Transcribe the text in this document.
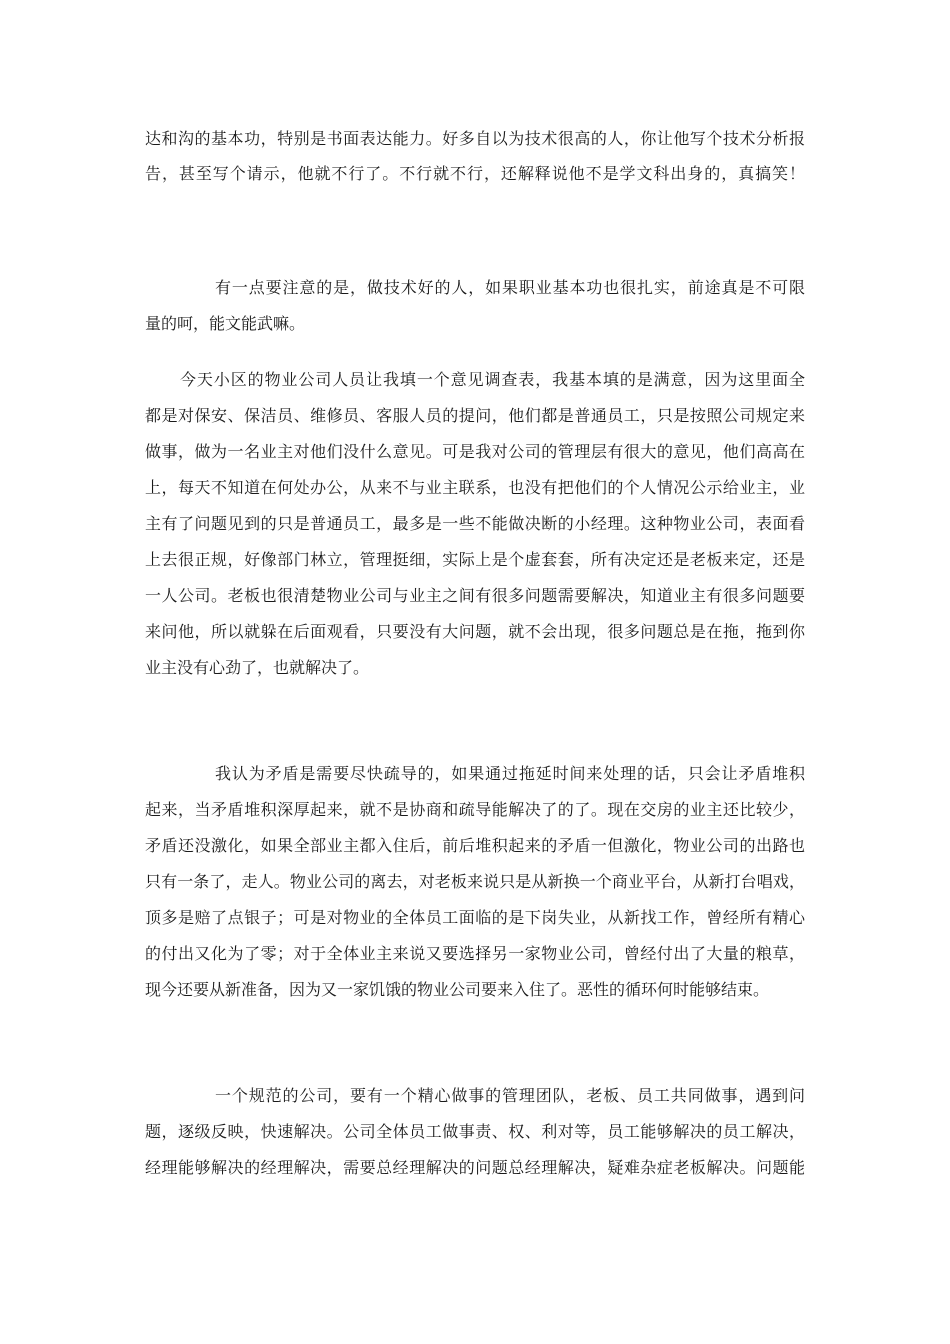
达和沟的基本功，特别是书面表达能力。好多自以为技术很高的人，你让他写个技术分析报
告，甚至写个请示，他就不行了。不行就不行，还解释说他不是学文科出身的，真搞笑！
有一点要注意的是，做技术好的人，如果职业基本功也很扎实，前途真是不可限
量的呵，能文能武嘛。
今天小区的物业公司人员让我填一个意见调查表，我基本填的是满意，因为这里面全
都是对保安、保洁员、维修员、客服人员的提问，他们都是普通员工，只是按照公司规定来
做事，做为一名业主对他们没什么意见。可是我对公司的管理层有很大的意见，他们高高在
上，每天不知道在何处办公，从来不与业主联系，也没有把他们的个人情况公示给业主，业
主有了问题见到的只是普通员工，最多是一些不能做决断的小经理。这种物业公司，表面看
上去很正规，好像部门林立，管理挺细，实际上是个虚套套，所有决定还是老板来定，还是
一人公司。老板也很清楚物业公司与业主之间有很多问题需要解决，知道业主有很多问题要
来问他，所以就躲在后面观看，只要没有大问题，就不会出现，很多问题总是在拖，拖到你
业主没有心劲了，也就解决了。
我认为矛盾是需要尽快疏导的，如果通过拖延时间来处理的话，只会让矛盾堆积
起来，当矛盾堆积深厚起来，就不是协商和疏导能解决了的了。现在交房的业主还比较少，
矛盾还没激化，如果全部业主都入住后，前后堆积起来的矛盾一但激化，物业公司的出路也
只有一条了，走人。物业公司的离去，对老板来说只是从新换一个商业平台，从新打台唱戏，
顶多是赔了点银子；可是对物业的全体员工面临的是下岗失业，从新找工作，曾经所有精心
的付出又化为了零；对于全体业主来说又要选择另一家物业公司，曾经付出了大量的粮草，
现今还要从新准备，因为又一家饥饿的物业公司要来入住了。恶性的循环何时能够结束。
一个规范的公司，要有一个精心做事的管理团队，老板、员工共同做事，遇到问
题，逐级反映，快速解决。公司全体员工做事责、权、利对等，员工能够解决的员工解决，
经理能够解决的经理解决，需要总经理解决的问题总经理解决，疑难杂症老板解决。问题能
